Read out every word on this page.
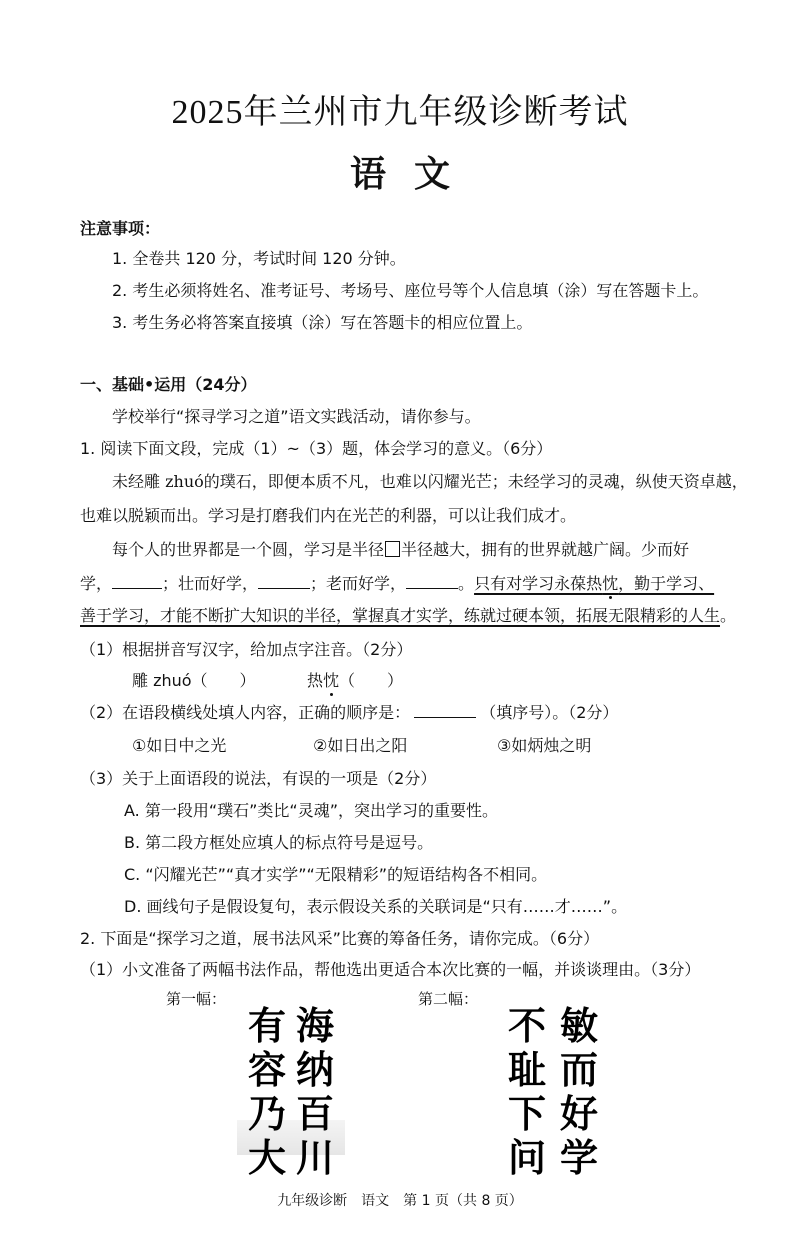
2025年兰州市九年级诊断考试
语文
注意事项：
1. 全卷共 120 分，考试时间 120 分钟。
2. 考生必须将姓名、准考证号、考场号、座位号等个人信息填（涂）写在答题卡上。
3. 考生务必将答案直接填（涂）写在答题卡的相应位置上。
一、基础•运用（24分）
学校举行“探寻学习之道”语文实践活动，请你参与。
1. 阅读下面文段，完成（1）~（3）题，体会学习的意义。（6分）
未经雕 zhuó的璞石，即便本质不凡，也难以闪耀光芒；未经学习的灵魂，纵使天资卓越，
也难以脱颖而出。学习是打磨我们内在光芒的利器，可以让我们成才。
每个人的世界都是一个圆，学习是半径 半径越大，拥有的世界就越广阔。少而好
学，	；壮而好学，	；老而好学，	。只有对学习永葆热忱，勤于学习、
善于学习，才能不断扩大知识的半径，掌握真才实学，练就过硬本领，拓展无限精彩的人生。
（1）根据拼音写汉字，给加点字注音。（2分）
雕 zhuó（　　）	热忱（　　）
（2）在语段横线处填人内容，正确的顺序是：	（填序号）。（2分）
①如日中之光	②如日出之阳	③如炳烛之明
（3）关于上面语段的说法，有误的一项是（2分）
A. 第一段用“璞石”类比“灵魂”，突出学习的重要性。
B. 第二段方框处应填人的标点符号是逗号。
C. “闪耀光芒”“真才实学”“无限精彩”的短语结构各不相同。
D. 画线句子是假设复句，表示假设关系的关联词是“只有……才……”。
2. 下面是“探学习之道，展书法风采”比赛的筹备任务，请你完成。（6分）
（1）小文准备了两幅书法作品，帮他选出更适合本次比赛的一幅，并谈谈理由。（3分）
第一幅：	第二幅：
有
容
乃
大
海
纳
百
川
不
耻
下
问
敏
而
好
学
九年级诊断　语文　第 1 页（共 8 页）
